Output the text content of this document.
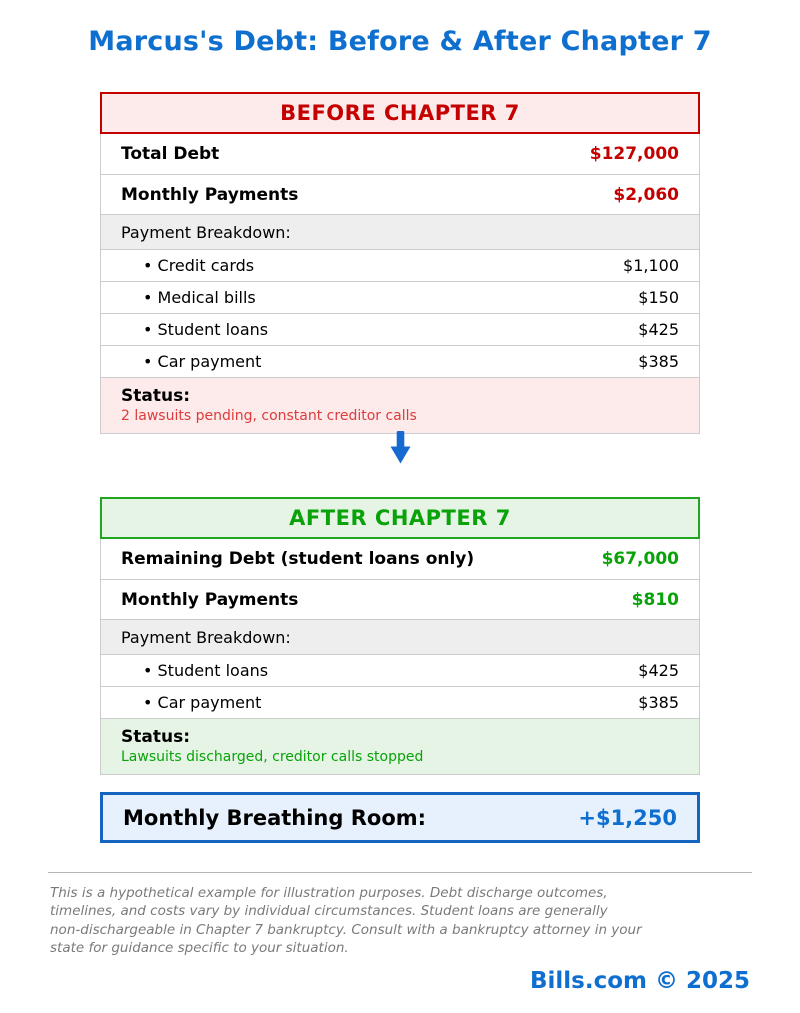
Marcus's Debt: Before & After Chapter 7
BEFORE CHAPTER 7
Total Debt	$127,000
Monthly Payments	$2,060
Payment Breakdown:
• Credit cards	$1,100
• Medical bills	$150
• Student loans	$425
• Car payment	$385
Status:
2 lawsuits pending, constant creditor calls
AFTER CHAPTER 7
Remaining Debt (student loans only)	$67,000
Monthly Payments	$810
Payment Breakdown:
• Student loans	$425
• Car payment	$385
Status:
Lawsuits discharged, creditor calls stopped
Monthly Breathing Room:	+$1,250
This is a hypothetical example for illustration purposes. Debt discharge outcomes,
timelines, and costs vary by individual circumstances. Student loans are generally
non-dischargeable in Chapter 7 bankruptcy. Consult with a bankruptcy attorney in your
state for guidance specific to your situation.
Bills.com © 2025
